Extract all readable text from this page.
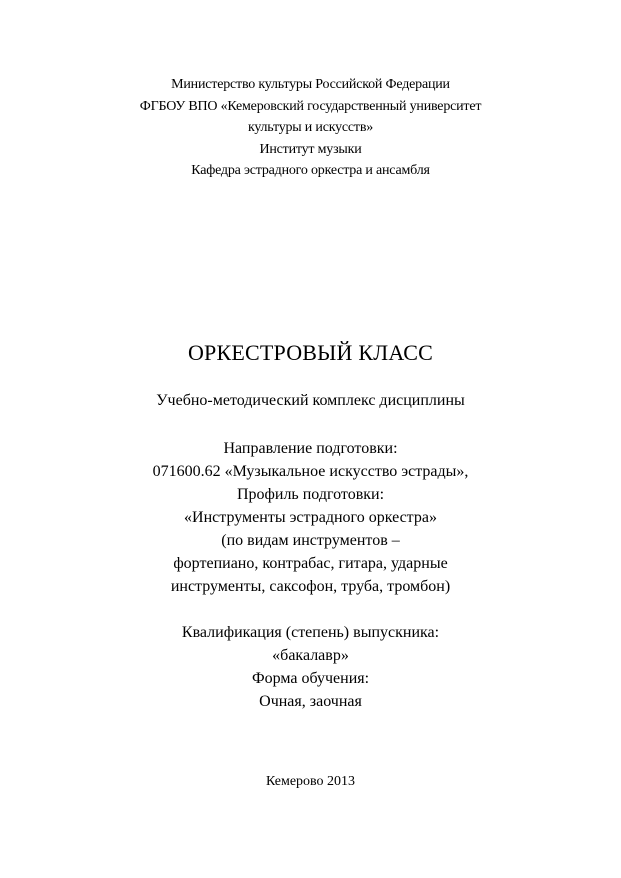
Министерство культуры Российской Федерации
ФГБОУ ВПО «Кемеровский государственный университет
культуры и искусств»
Институт музыки
Кафедра эстрадного оркестра и ансамбля
ОРКЕСТРОВЫЙ КЛАСС
Учебно-методический комплекс дисциплины
Направление подготовки:
071600.62 «Музыкальное искусство эстрады»,
Профиль подготовки:
«Инструменты эстрадного оркестра»
(по видам инструментов –
фортепиано, контрабас, гитара, ударные
инструменты, саксофон, труба, тромбон)
Квалификация (степень) выпускника:
«бакалавр»
Форма обучения:
Очная, заочная
Кемерово 2013
